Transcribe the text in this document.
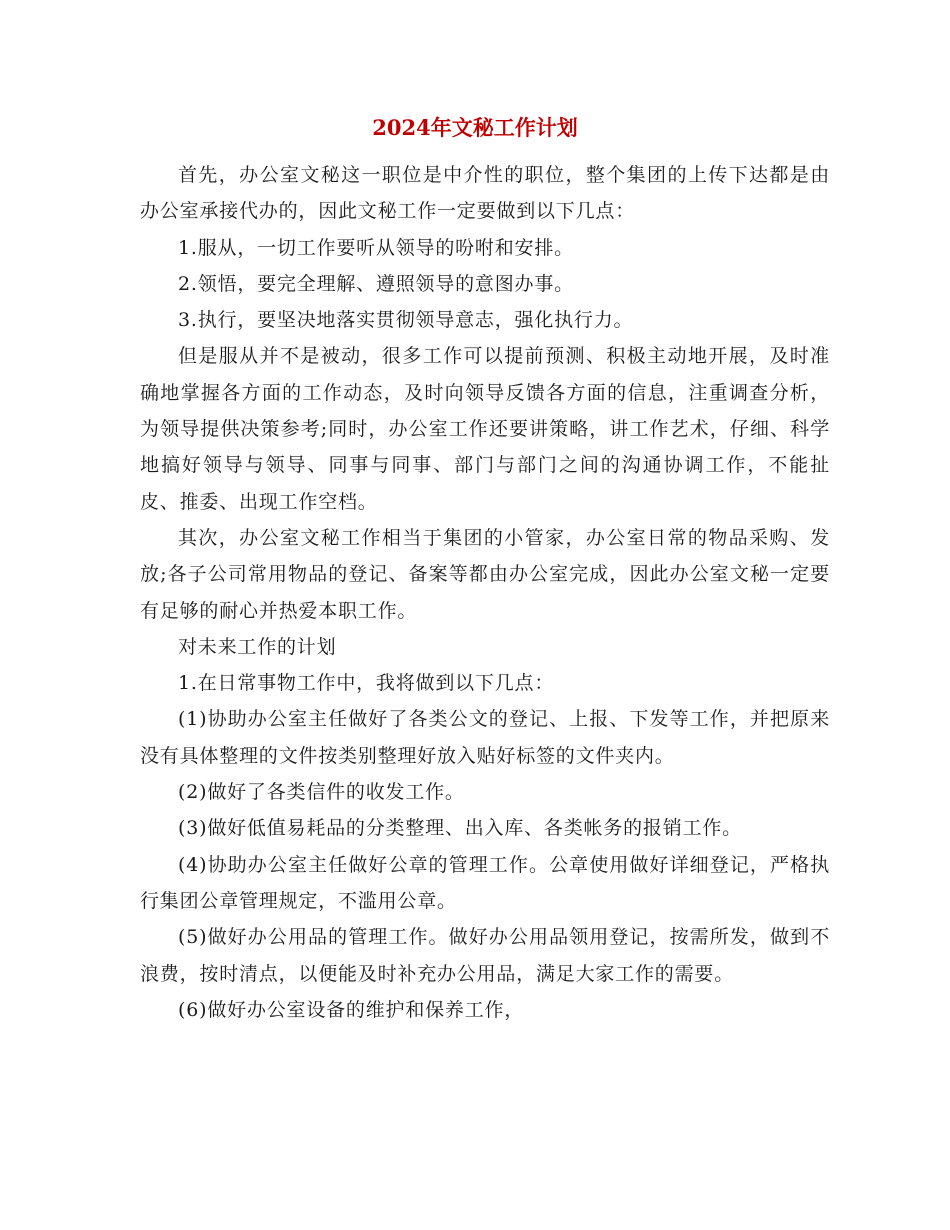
2024年文秘工作计划

首先，办公室文秘这一职位是中介性的职位，整个集团的上传下达都是由办公室承接代办的，因此文秘工作一定要做到以下几点：

1.服从，一切工作要听从领导的吩咐和安排。

2.领悟，要完全理解、遵照领导的意图办事。

3.执行，要坚决地落实贯彻领导意志，强化执行力。

但是服从并不是被动，很多工作可以提前预测、积极主动地开展，及时准确地掌握各方面的工作动态，及时向领导反馈各方面的信息，注重调查分析，为领导提供决策参考;同时，办公室工作还要讲策略，讲工作艺术，仔细、科学地搞好领导与领导、同事与同事、部门与部门之间的沟通协调工作，不能扯皮、推委、出现工作空档。

其次，办公室文秘工作相当于集团的小管家，办公室日常的物品采购、发放;各子公司常用物品的登记、备案等都由办公室完成，因此办公室文秘一定要有足够的耐心并热爱本职工作。

对未来工作的计划

1.在日常事物工作中，我将做到以下几点：

(1)协助办公室主任做好了各类公文的登记、上报、下发等工作，并把原来没有具体整理的文件按类别整理好放入贴好标签的文件夹内。

(2)做好了各类信件的收发工作。

(3)做好低值易耗品的分类整理、出入库、各类帐务的报销工作。

(4)协助办公室主任做好公章的管理工作。公章使用做好详细登记，严格执行集团公章管理规定，不滥用公章。

(5)做好办公用品的管理工作。做好办公用品领用登记，按需所发，做到不浪费，按时清点，以便能及时补充办公用品，满足大家工作的需要。

(6)做好办公室设备的维护和保养工作，
